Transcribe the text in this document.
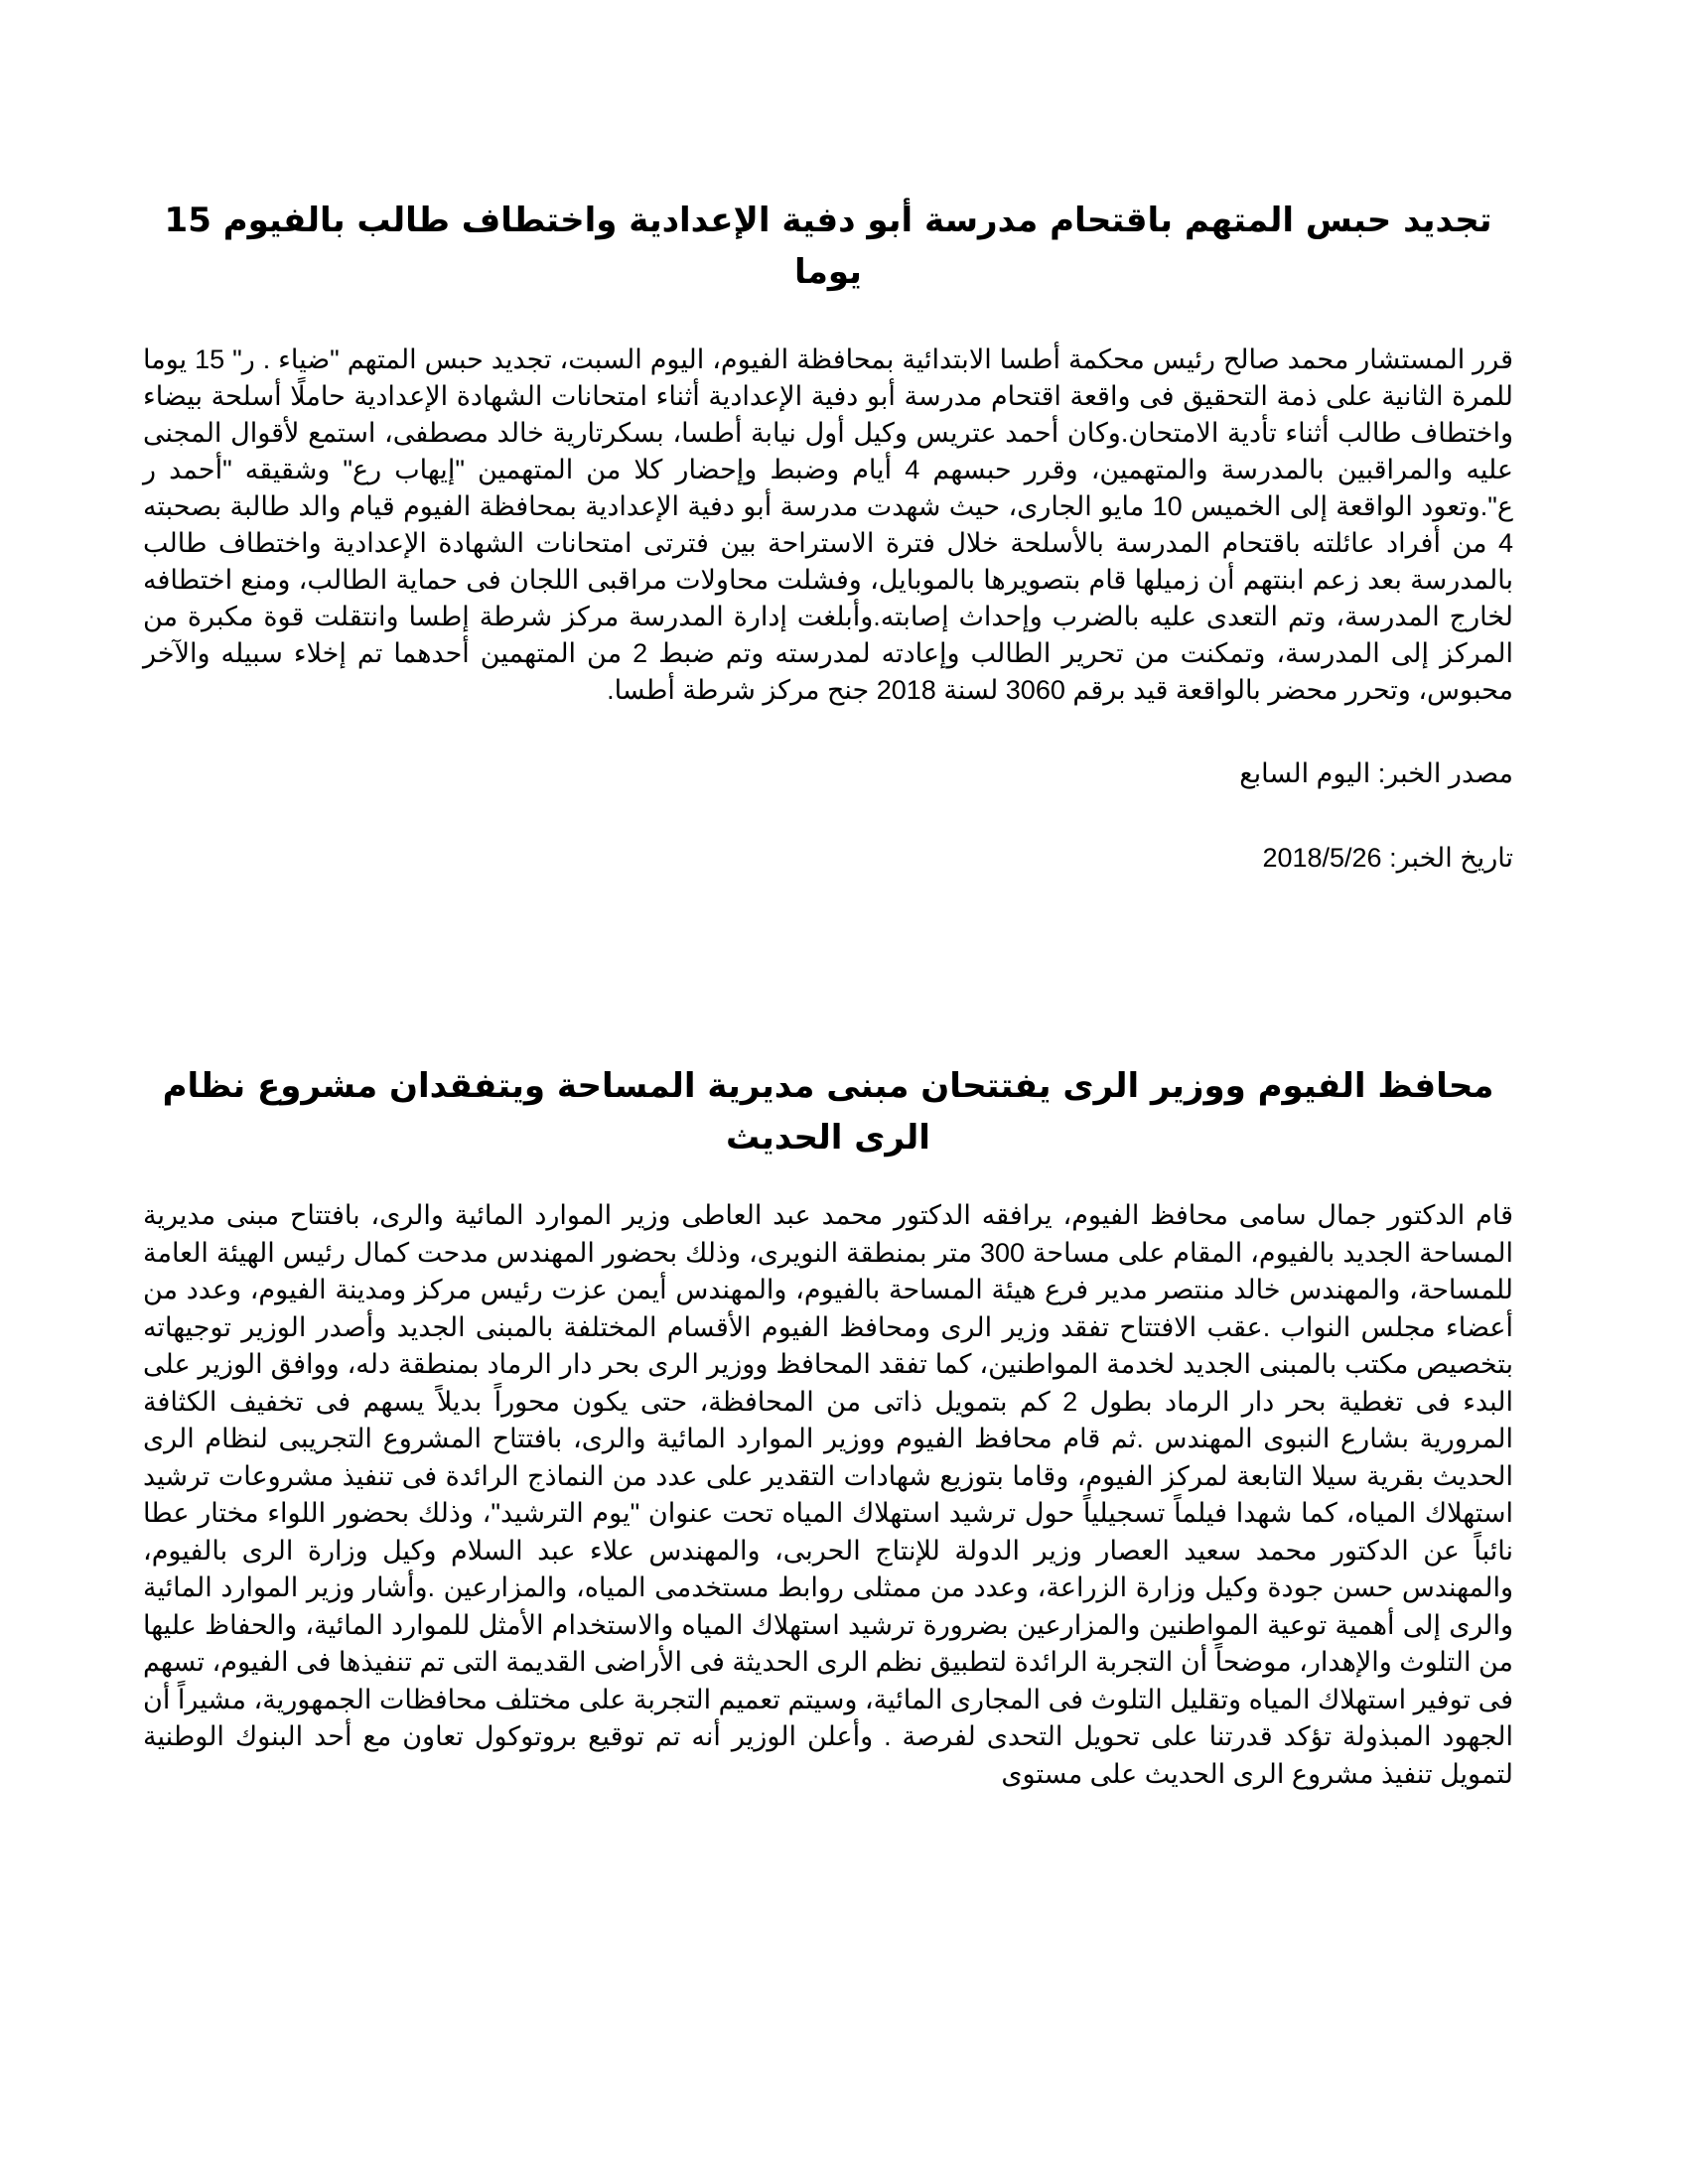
تجديد حبس المتهم باقتحام مدرسة أبو دفية الإعدادية واختطاف طالب بالفيوم 15 يوما

قرر المستشار محمد صالح رئيس محكمة أطسا الابتدائية بمحافظة الفيوم، اليوم السبت، تجديد حبس المتهم "ضياء . ر" 15 يوما للمرة الثانية على ذمة التحقيق فى واقعة اقتحام مدرسة أبو دفية الإعدادية أثناء امتحانات الشهادة الإعدادية حاملًا أسلحة بيضاء واختطاف طالب أثناء تأدية الامتحان.وكان أحمد عتريس وكيل أول نيابة أطسا، بسكرتارية خالد مصطفى، استمع لأقوال المجنى عليه والمراقبين بالمدرسة والمتهمين، وقرر حبسهم 4 أيام وضبط وإحضار كلا من المتهمين "إيهاب رع" وشقيقه "أحمد ر ع".وتعود الواقعة إلى الخميس 10 مايو الجارى، حيث شهدت مدرسة أبو دفية الإعدادية بمحافظة الفيوم قيام والد طالبة بصحبته 4 من أفراد عائلته باقتحام المدرسة بالأسلحة خلال فترة الاستراحة بين فترتى امتحانات الشهادة الإعدادية واختطاف طالب بالمدرسة بعد زعم ابنتهم أن زميلها قام بتصويرها بالموبايل، وفشلت محاولات مراقبى اللجان فى حماية الطالب، ومنع اختطافه لخارج المدرسة، وتم التعدى عليه بالضرب وإحداث إصابته.وأبلغت إدارة المدرسة مركز شرطة إطسا وانتقلت قوة مكبرة من المركز إلى المدرسة، وتمكنت من تحرير الطالب وإعادته لمدرسته وتم ضبط 2 من المتهمين أحدهما تم إخلاء سبيله والآخر محبوس، وتحرر محضر بالواقعة قيد برقم 3060 لسنة 2018 جنح مركز شرطة أطسا.

مصدر الخبر: اليوم السابع

تاريخ الخبر: 2018/5/26

محافظ الفيوم ووزير الرى يفتتحان مبنى مديرية المساحة ويتفقدان مشروع نظام الرى الحديث

قام الدكتور جمال سامى محافظ الفيوم، يرافقه الدكتور محمد عبد العاطى وزير الموارد المائية والرى، بافتتاح مبنى مديرية المساحة الجديد بالفيوم، المقام على مساحة 300 متر بمنطقة النويرى، وذلك بحضور المهندس مدحت كمال رئيس الهيئة العامة للمساحة، والمهندس خالد منتصر مدير فرع هيئة المساحة بالفيوم، والمهندس أيمن عزت رئيس مركز ومدينة الفيوم، وعدد من أعضاء مجلس النواب .عقب الافتتاح تفقد وزير الرى ومحافظ الفيوم الأقسام المختلفة بالمبنى الجديد وأصدر الوزير توجيهاته بتخصيص مكتب بالمبنى الجديد لخدمة المواطنين، كما تفقد المحافظ ووزير الرى بحر دار الرماد بمنطقة دله، ووافق الوزير على البدء فى تغطية بحر دار الرماد بطول 2 كم بتمويل ذاتى من المحافظة، حتى يكون محوراً بديلاً يسهم فى تخفيف الكثافة المرورية بشارع النبوى المهندس .ثم قام محافظ الفيوم ووزير الموارد المائية والرى، بافتتاح المشروع التجريبى لنظام الرى الحديث بقرية سيلا التابعة لمركز الفيوم، وقاما بتوزيع شهادات التقدير على عدد من النماذج الرائدة فى تنفيذ مشروعات ترشيد استهلاك المياه، كما شهدا فيلماً تسجيلياً حول ترشيد استهلاك المياه تحت عنوان "يوم الترشيد"، وذلك بحضور اللواء مختار عطا نائباً عن الدكتور محمد سعيد العصار وزير الدولة للإنتاج الحربى، والمهندس علاء عبد السلام وكيل وزارة الرى بالفيوم، والمهندس حسن جودة وكيل وزارة الزراعة، وعدد من ممثلى روابط مستخدمى المياه، والمزارعين .وأشار وزير الموارد المائية والرى إلى أهمية توعية المواطنين والمزارعين بضرورة ترشيد استهلاك المياه والاستخدام الأمثل للموارد المائية، والحفاظ عليها من التلوث والإهدار، موضحاً أن التجربة الرائدة لتطبيق نظم الرى الحديثة فى الأراضى القديمة التى تم تنفيذها فى الفيوم، تسهم فى توفير استهلاك المياه وتقليل التلوث فى المجارى المائية، وسيتم تعميم التجربة على مختلف محافظات الجمهورية، مشيراً أن الجهود المبذولة تؤكد قدرتنا على تحويل التحدى لفرصة . وأعلن الوزير أنه تم توقيع بروتوكول تعاون مع أحد البنوك الوطنية لتمويل تنفيذ مشروع الرى الحديث على مستوى
